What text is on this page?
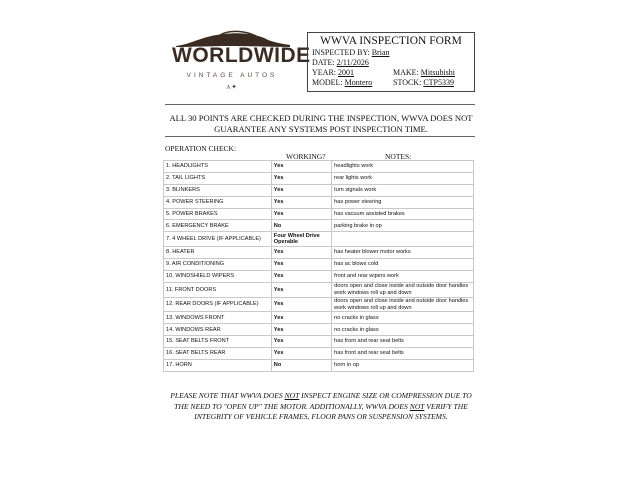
WORLDWIDE
VINTAGE AUTOS
⋏✦
WWVA INSPECTION FORM
INSPECTED BY: Brian
DATE: 2/11/2026
YEAR: 2001	MAKE: Mitsubishi
MODEL: Montero	STOCK: CTP5339
ALL 30 POINTS ARE CHECKED DURING THE INSPECTION, WWVA DOES NOT
GUARANTEE ANY SYSTEMS POST INSPECTION TIME.
OPERATION CHECK:
WORKING?	NOTES:
1. HEADLIGHTS	Yes	headlights work
2. TAIL LIGHTS	Yes	rear lights work
3. BLINKERS	Yes	turn signals work
4. POWER STEERING	Yes	has power steering
5. POWER BRAKES	Yes	has vacuum assisted brakes
6. EMERGENCY BRAKE	No	parking brake in op
7. 4 WHEEL DRIVE (IF APPLICABLE)	Four Wheel Drive Operable	
8. HEATER	Yes	has heater blower motor works
9. AIR CONDITIONING	Yes	has ac blows cold
10. WINDSHIELD WIPERS	Yes	front and rear wipers work
11. FRONT DOORS	Yes	doors open and close inside and outside door handles work windows roll up and down
12. REAR DOORS (IF APPLICABLE)	Yes	doors open and close inside and outside door handles work windows roll up and down
13. WINDOWS FRONT	Yes	no cracks in glass
14. WINDOWS REAR	Yes	no cracks in glass
15. SEAT BELTS FRONT	Yes	has front and rear seat belts
16. SEAT BELTS REAR	Yes	has front and rear seat belts
17. HORN	No	horn in op
PLEASE NOTE THAT WWVA DOES NOT INSPECT ENGINE SIZE OR COMPRESSION DUE TO
THE NEED TO "OPEN UP" THE MOTOR. ADDITIONALLY, WWVA DOES NOT VERIFY THE
INTEGRITY OF VEHICLE FRAMES, FLOOR PANS OR SUSPENSION SYSTEMS.
